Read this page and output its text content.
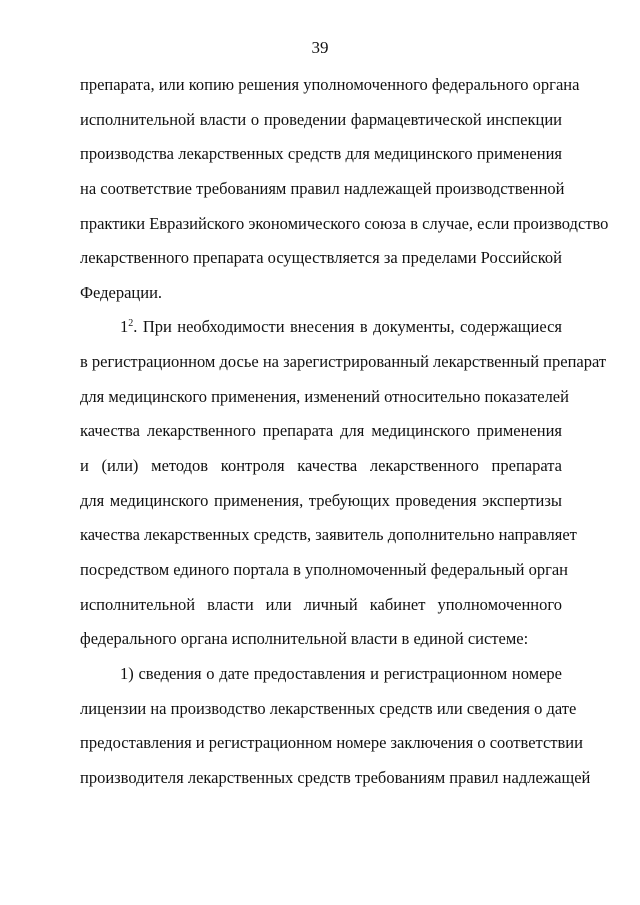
39
препарата, или копию решения уполномоченного федерального органа
исполнительной власти о проведении фармацевтической инспекции
производства лекарственных средств для медицинского применения
на соответствие требованиям правил надлежащей производственной
практики Евразийского экономического союза в случае, если производство
лекарственного препарата осуществляется за пределами Российской
Федерации.
$1^2$. При необходимости внесения в документы, содержащиеся
в регистрационном досье на зарегистрированный лекарственный препарат
для медицинского применения, изменений относительно показателей
качества лекарственного препарата для медицинского применения
и (или) методов контроля качества лекарственного препарата
для медицинского применения, требующих проведения экспертизы
качества лекарственных средств, заявитель дополнительно направляет
посредством единого портала в уполномоченный федеральный орган
исполнительной власти или личный кабинет уполномоченного
федерального органа исполнительной власти в единой системе:
1) сведения о дате предоставления и регистрационном номере
лицензии на производство лекарственных средств или сведения о дате
предоставления и регистрационном номере заключения о соответствии
производителя лекарственных средств требованиям правил надлежащей
